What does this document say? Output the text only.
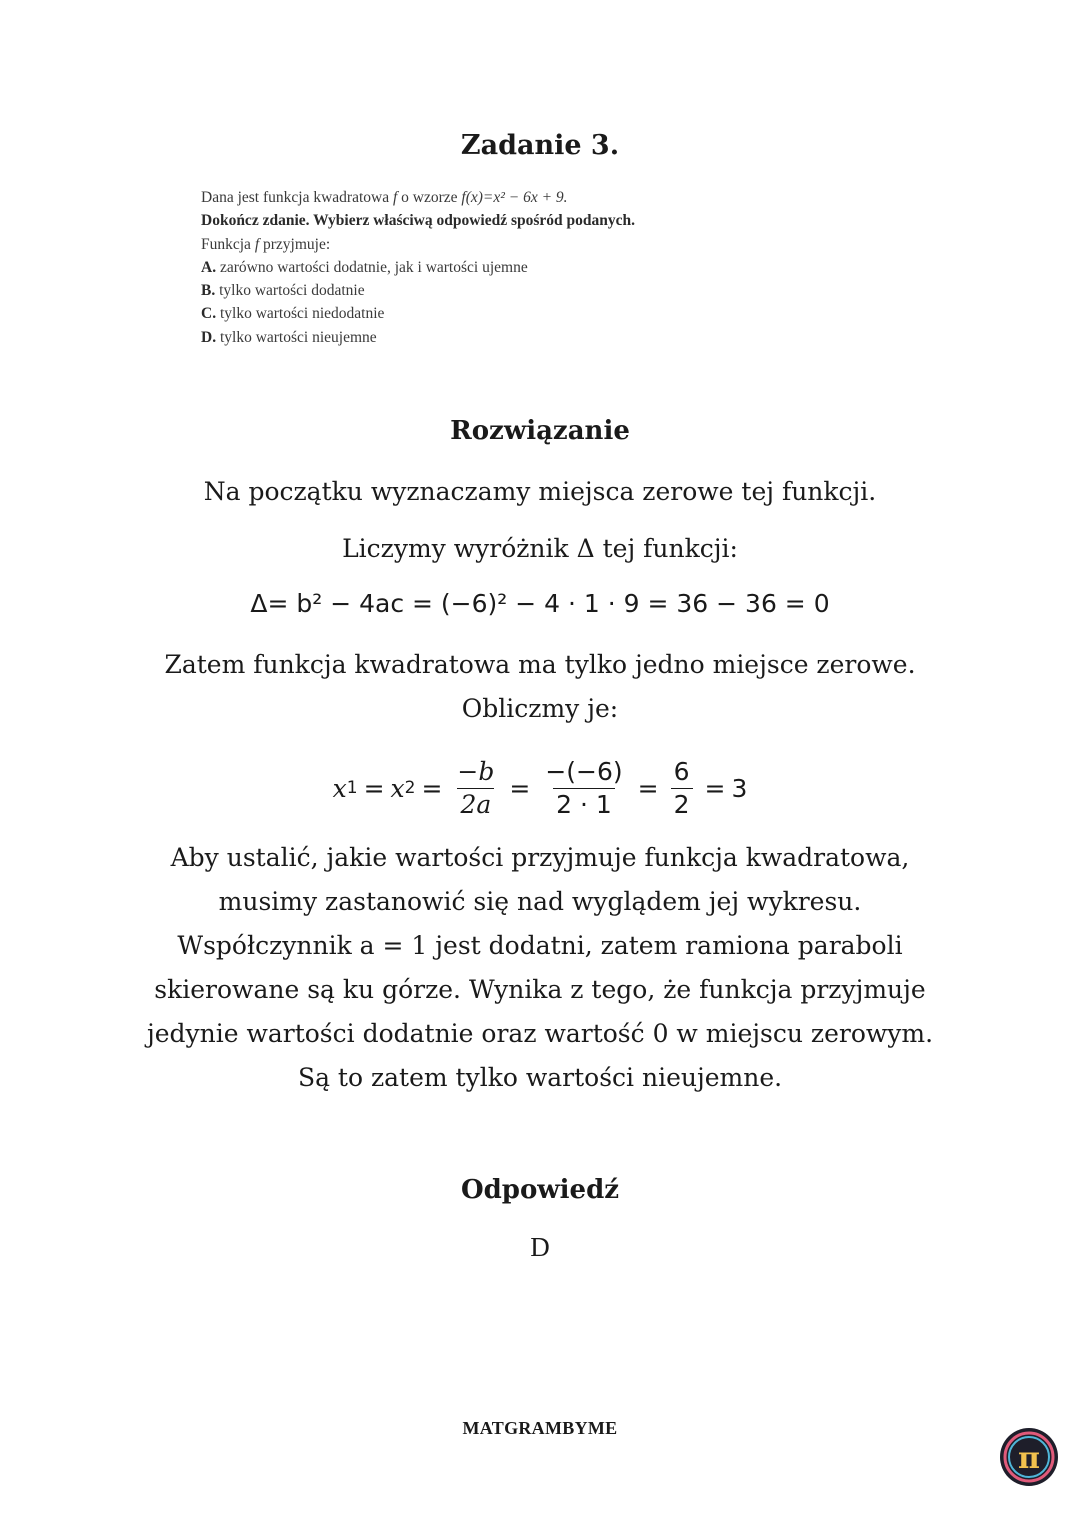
Zadanie 3.
Dana jest funkcja kwadratowa f o wzorze f(x)=x² − 6x + 9.
Dokończ zdanie. Wybierz właściwą odpowiedź spośród podanych.
Funkcja f przyjmuje:
A. zarówno wartości dodatnie, jak i wartości ujemne
B. tylko wartości dodatnie
C. tylko wartości niedodatnie
D. tylko wartości nieujemne
Rozwiązanie
Na początku wyznaczamy miejsca zerowe tej funkcji.
Liczymy wyróżnik Δ tej funkcji:
Δ= b² − 4ac = (−6)² − 4 · 1 · 9 = 36 − 36 = 0
Zatem funkcja kwadratowa ma tylko jedno miejsce zerowe.
Obliczmy je:
x 1 = x $2 = \frac{-b}{2a} = \frac{-(-6)}{2 \cdot 1} = \frac{6}{2} = 3$
Aby ustalić, jakie wartości przyjmuje funkcja kwadratowa,
musimy zastanowić się nad wyglądem jej wykresu.
Współczynnik a = 1 jest dodatni, zatem ramiona paraboli
skierowane są ku górze. Wynika z tego, że funkcja przyjmuje
jedynie wartości dodatnie oraz wartość 0 w miejscu zerowym.
Są to zatem tylko wartości nieujemne.
Odpowiedź
D
MATGRAMBYME
π
